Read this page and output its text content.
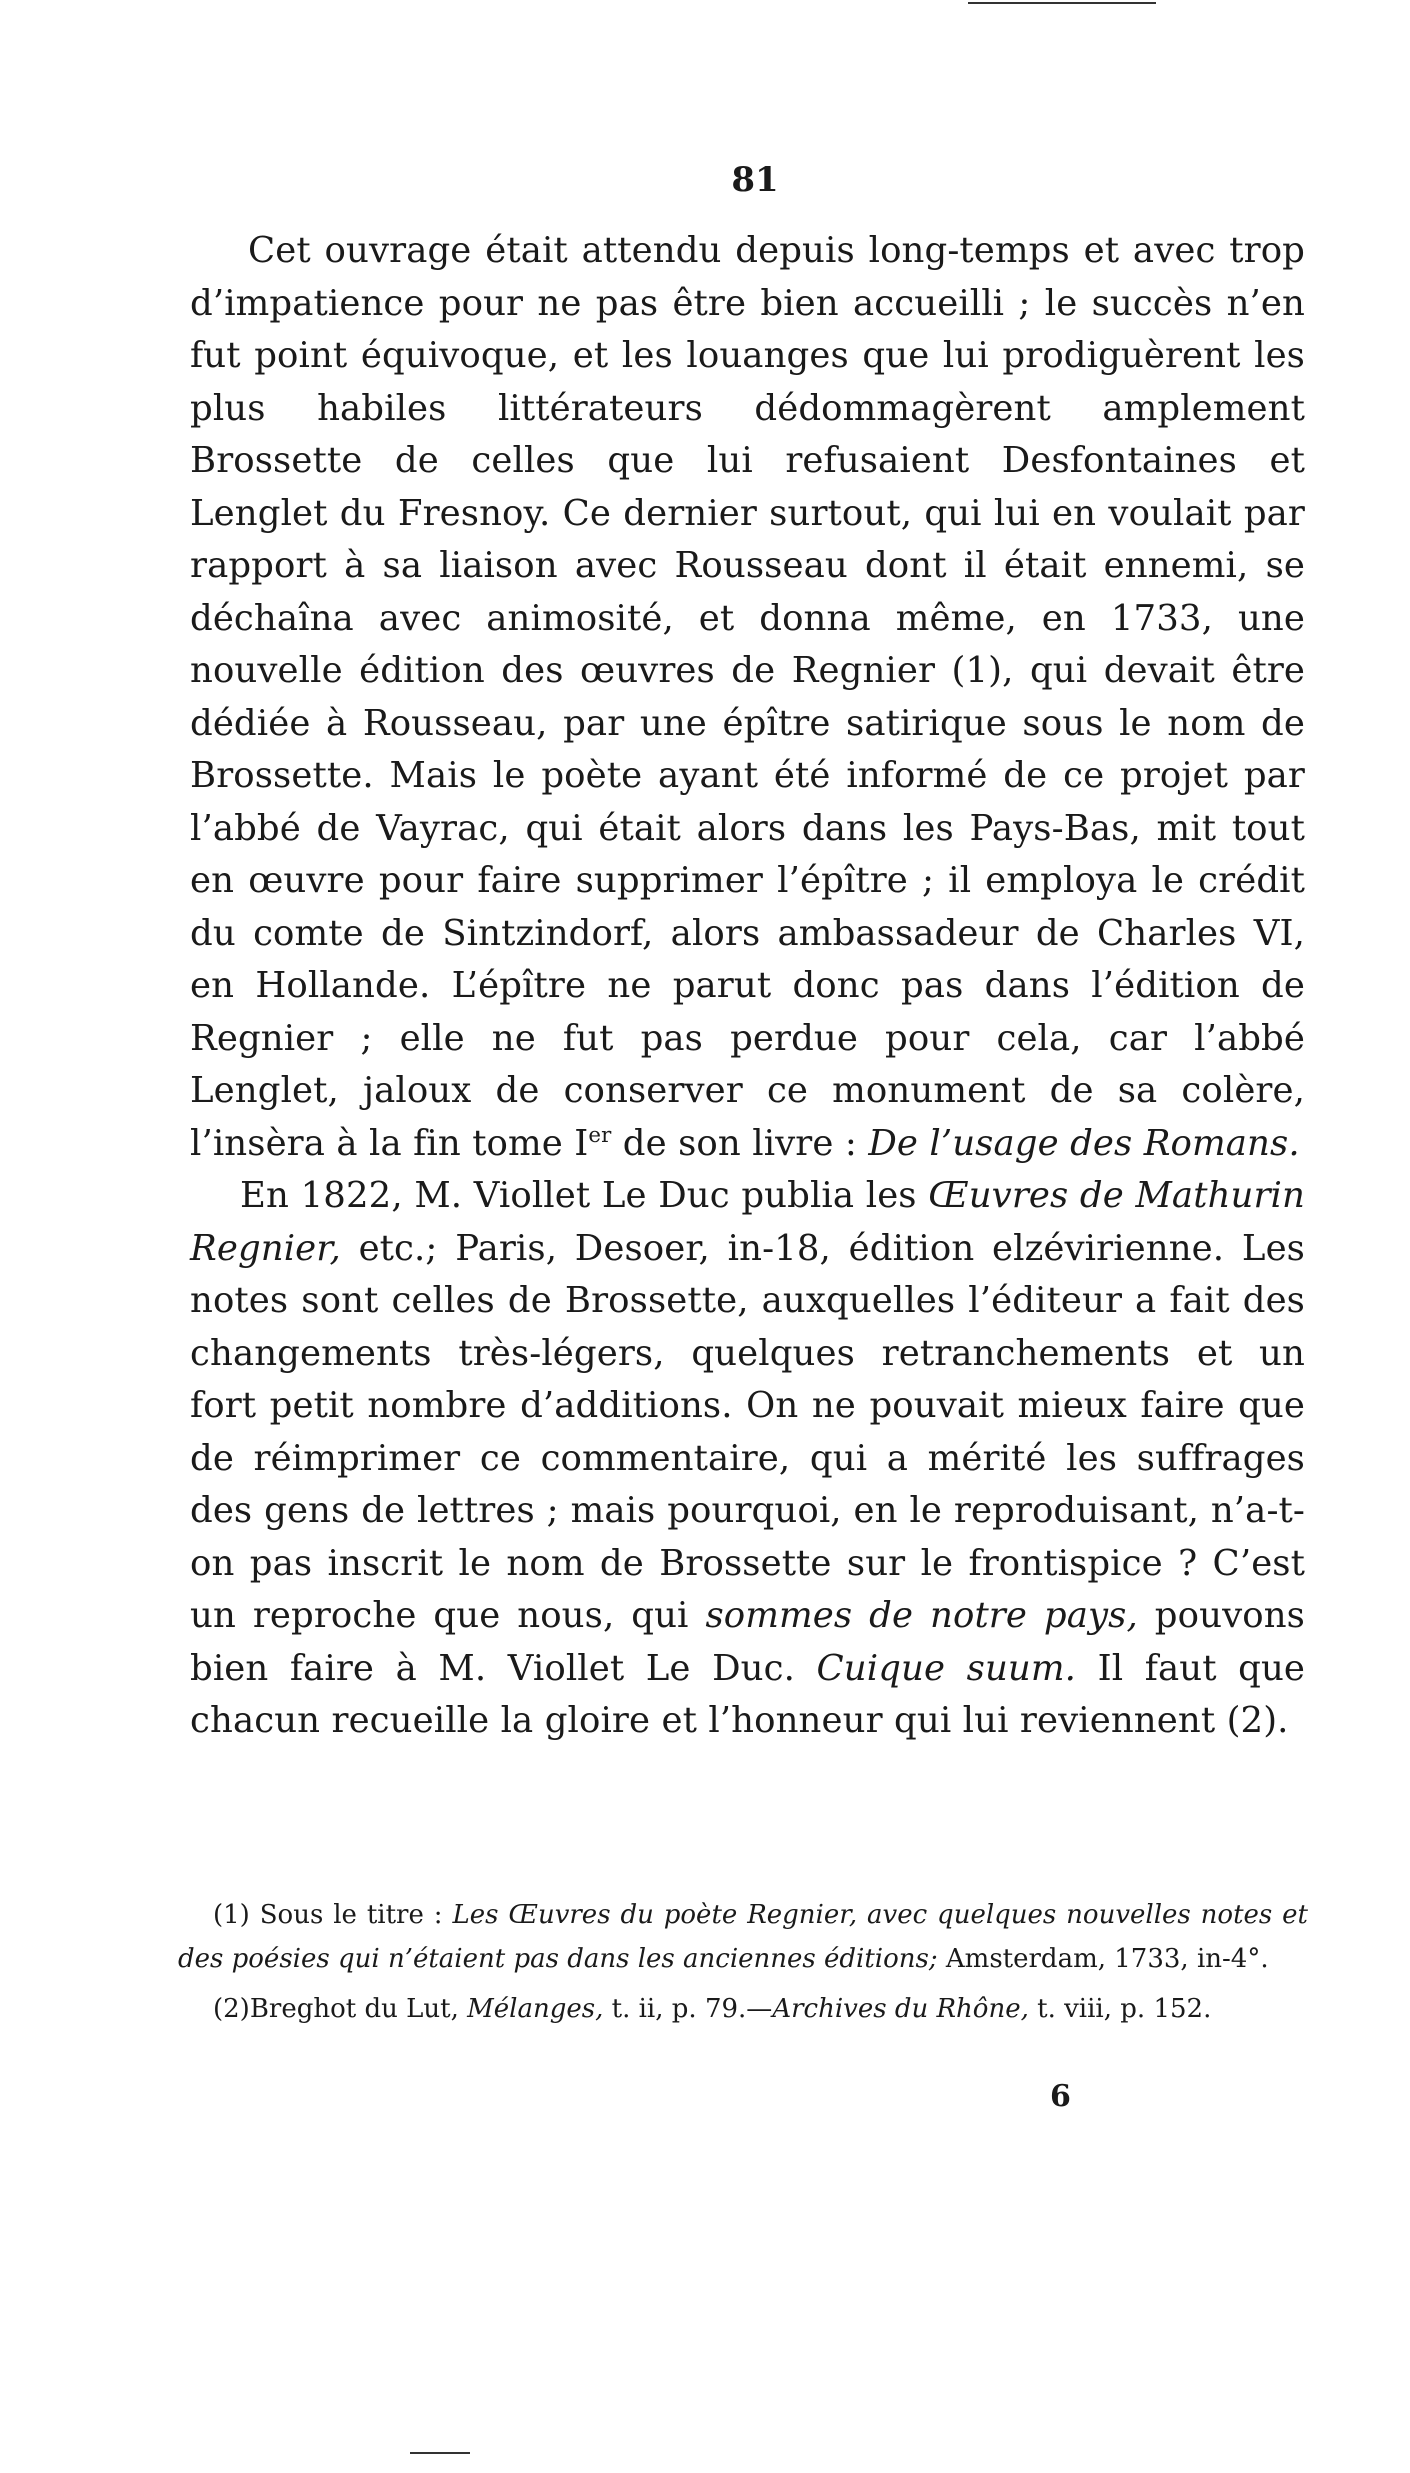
81

Cet ouvrage était attendu depuis long-temps et avec trop d’impatience pour ne pas être bien accueilli ; le succès n’en fut point équivoque, et les louanges que lui prodiguèrent les plus habiles littérateurs dédommagèrent amplement Brossette de celles que lui refusaient Desfontaines et Lenglet du Fresnoy. Ce dernier surtout, qui lui en voulait par rapport à sa liaison avec Rousseau dont il était ennemi, se déchaîna avec animosité, et donna même, en 1733, une nouvelle édition des œuvres de Regnier (1), qui devait être dédiée à Rousseau, par une épître satirique sous le nom de Brossette. Mais le poète ayant été informé de ce projet par l’abbé de Vayrac, qui était alors dans les Pays-Bas, mit tout en œuvre pour faire supprimer l’épître ; il employa le crédit du comte de Sintzindorf, alors ambassadeur de Charles VI, en Hollande. L’épître ne parut donc pas dans l’édition de Regnier ; elle ne fut pas perdue pour cela, car l’abbé Lenglet, jaloux de conserver ce monument de sa colère, l’insèra à la fin tome Ier de son livre : De l’usage des Romans.

En 1822, M. Viollet Le Duc publia les Œuvres de Mathurin Regnier, etc.; Paris, Desoer, in-18, édition elzévirienne. Les notes sont celles de Brossette, auxquelles l’éditeur a fait des changements très-légers, quelques retranchements et un fort petit nombre d’additions. On ne pouvait mieux faire que de réimprimer ce commentaire, qui a mérité les suffrages des gens de lettres ; mais pourquoi, en le reproduisant, n’a-t-on pas inscrit le nom de Brossette sur le frontispice ? C’est un reproche que nous, qui sommes de notre pays, pouvons bien faire à M. Viollet Le Duc. Cuique suum. Il faut que chacun recueille la gloire et l’honneur qui lui reviennent (2).

(1) Sous le titre : Les Œuvres du poète Regnier, avec quelques nouvelles notes et des poésies qui n’étaient pas dans les anciennes éditions; Amsterdam, 1733, in-4°.

(2)Breghot du Lut, Mélanges, t. ii, p. 79.—Archives du Rhône, t. viii, p. 152.

6
